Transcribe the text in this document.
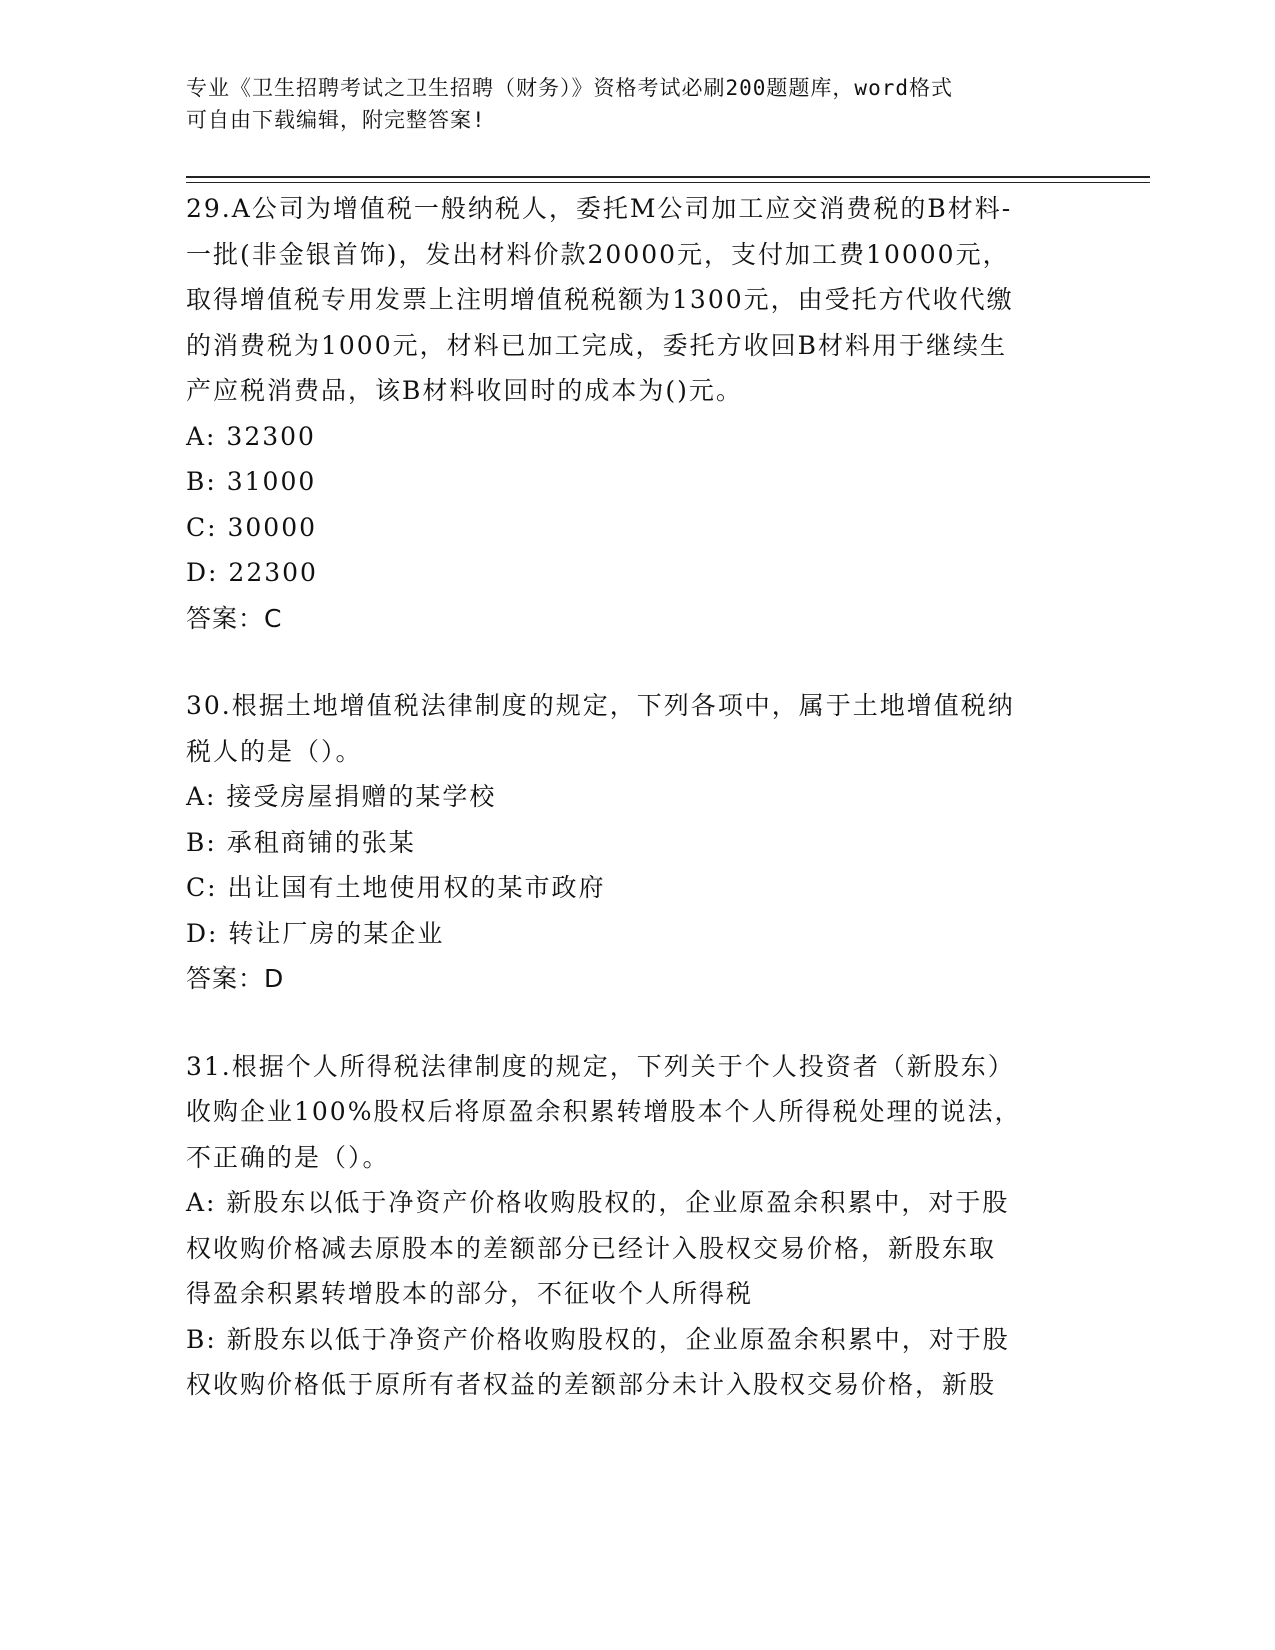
专业《卫生招聘考试之卫生招聘（财务）》资格考试必刷200题题库，word格式
可自由下载编辑，附完整答案!
29.A公司为增值税一般纳税人，委托M公司加工应交消费税的B材料-
一批(非金银首饰)，发出材料价款20000元，支付加工费10000元，
取得增值税专用发票上注明增值税税额为1300元，由受托方代收代缴
的消费税为1000元，材料已加工完成，委托方收回B材料用于继续生
产应税消费品，该B材料收回时的成本为()元。
A: 32300
B: 31000
C: 30000
D: 22300
答案：C
30.根据土地增值税法律制度的规定，下列各项中，属于土地增值税纳
税人的是（）。
A: 接受房屋捐赠的某学校
B: 承租商铺的张某
C: 出让国有土地使用权的某市政府
D: 转让厂房的某企业
答案：D
31.根据个人所得税法律制度的规定，下列关于个人投资者（新股东）
收购企业100%股权后将原盈余积累转增股本个人所得税处理的说法，
不正确的是（）。
A: 新股东以低于净资产价格收购股权的，企业原盈余积累中，对于股
权收购价格减去原股本的差额部分已经计入股权交易价格，新股东取
得盈余积累转增股本的部分，不征收个人所得税
B: 新股东以低于净资产价格收购股权的，企业原盈余积累中，对于股
权收购价格低于原所有者权益的差额部分未计入股权交易价格，新股
